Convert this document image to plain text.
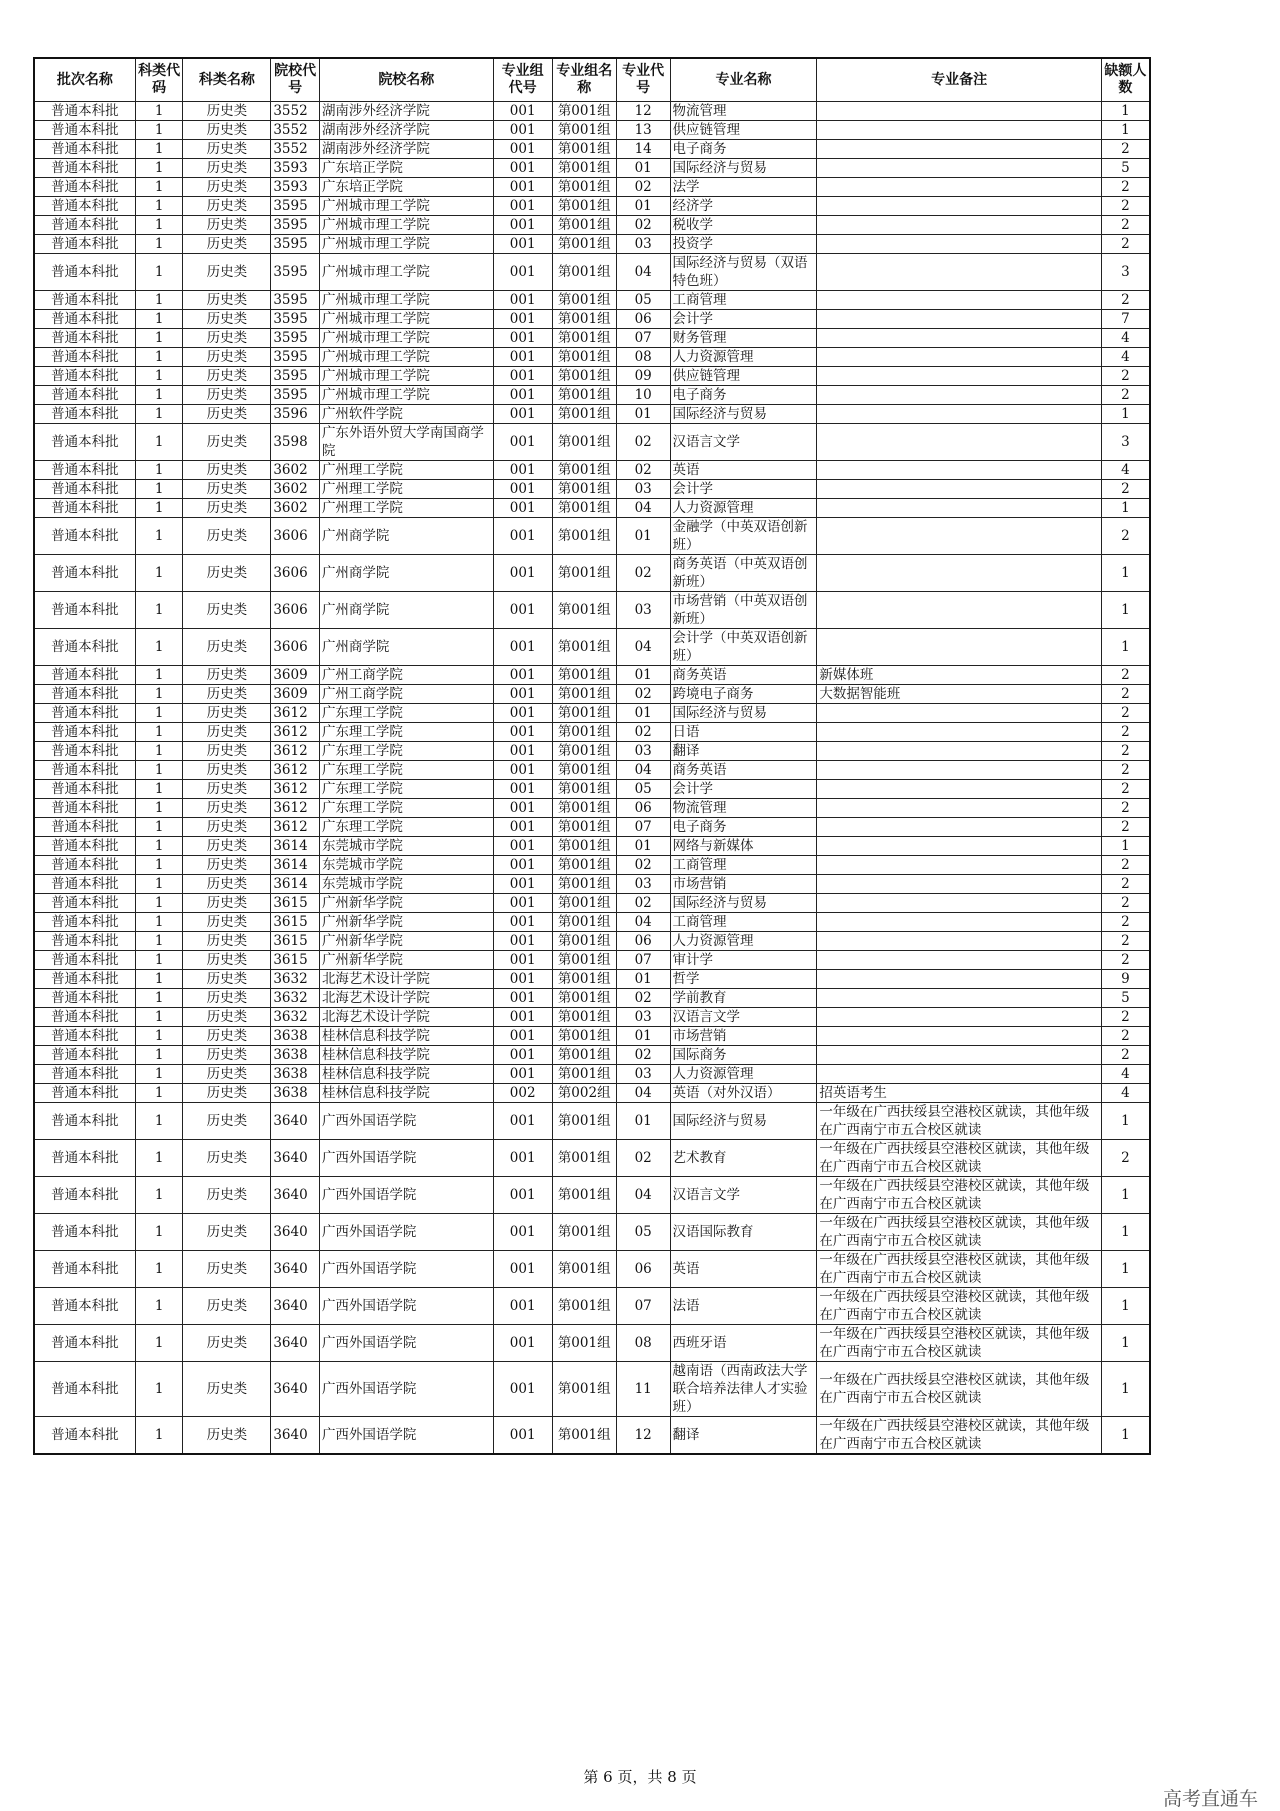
批次名称	科类代码	科类名称	院校代号	院校名称	专业组代号	专业组名称	专业代号	专业名称	专业备注	缺额人数
普通本科批	1	历史类	3552	湖南涉外经济学院	001	第001组	12	物流管理		1
普通本科批	1	历史类	3552	湖南涉外经济学院	001	第001组	13	供应链管理		1
普通本科批	1	历史类	3552	湖南涉外经济学院	001	第001组	14	电子商务		2
普通本科批	1	历史类	3593	广东培正学院	001	第001组	01	国际经济与贸易		5
普通本科批	1	历史类	3593	广东培正学院	001	第001组	02	法学		2
普通本科批	1	历史类	3595	广州城市理工学院	001	第001组	01	经济学		2
普通本科批	1	历史类	3595	广州城市理工学院	001	第001组	02	税收学		2
普通本科批	1	历史类	3595	广州城市理工学院	001	第001组	03	投资学		2
普通本科批	1	历史类	3595	广州城市理工学院	001	第001组	04	国际经济与贸易（双语特色班）		3
普通本科批	1	历史类	3595	广州城市理工学院	001	第001组	05	工商管理		2
普通本科批	1	历史类	3595	广州城市理工学院	001	第001组	06	会计学		7
普通本科批	1	历史类	3595	广州城市理工学院	001	第001组	07	财务管理		4
普通本科批	1	历史类	3595	广州城市理工学院	001	第001组	08	人力资源管理		4
普通本科批	1	历史类	3595	广州城市理工学院	001	第001组	09	供应链管理		2
普通本科批	1	历史类	3595	广州城市理工学院	001	第001组	10	电子商务		2
普通本科批	1	历史类	3596	广州软件学院	001	第001组	01	国际经济与贸易		1
普通本科批	1	历史类	3598	广东外语外贸大学南国商学院	001	第001组	02	汉语言文学		3
普通本科批	1	历史类	3602	广州理工学院	001	第001组	02	英语		4
普通本科批	1	历史类	3602	广州理工学院	001	第001组	03	会计学		2
普通本科批	1	历史类	3602	广州理工学院	001	第001组	04	人力资源管理		1
普通本科批	1	历史类	3606	广州商学院	001	第001组	01	金融学（中英双语创新班）		2
普通本科批	1	历史类	3606	广州商学院	001	第001组	02	商务英语（中英双语创新班）		1
普通本科批	1	历史类	3606	广州商学院	001	第001组	03	市场营销（中英双语创新班）		1
普通本科批	1	历史类	3606	广州商学院	001	第001组	04	会计学（中英双语创新班）		1
普通本科批	1	历史类	3609	广州工商学院	001	第001组	01	商务英语	新媒体班	2
普通本科批	1	历史类	3609	广州工商学院	001	第001组	02	跨境电子商务	大数据智能班	2
普通本科批	1	历史类	3612	广东理工学院	001	第001组	01	国际经济与贸易		2
普通本科批	1	历史类	3612	广东理工学院	001	第001组	02	日语		2
普通本科批	1	历史类	3612	广东理工学院	001	第001组	03	翻译		2
普通本科批	1	历史类	3612	广东理工学院	001	第001组	04	商务英语		2
普通本科批	1	历史类	3612	广东理工学院	001	第001组	05	会计学		2
普通本科批	1	历史类	3612	广东理工学院	001	第001组	06	物流管理		2
普通本科批	1	历史类	3612	广东理工学院	001	第001组	07	电子商务		2
普通本科批	1	历史类	3614	东莞城市学院	001	第001组	01	网络与新媒体		1
普通本科批	1	历史类	3614	东莞城市学院	001	第001组	02	工商管理		2
普通本科批	1	历史类	3614	东莞城市学院	001	第001组	03	市场营销		2
普通本科批	1	历史类	3615	广州新华学院	001	第001组	02	国际经济与贸易		2
普通本科批	1	历史类	3615	广州新华学院	001	第001组	04	工商管理		2
普通本科批	1	历史类	3615	广州新华学院	001	第001组	06	人力资源管理		2
普通本科批	1	历史类	3615	广州新华学院	001	第001组	07	审计学		2
普通本科批	1	历史类	3632	北海艺术设计学院	001	第001组	01	哲学		9
普通本科批	1	历史类	3632	北海艺术设计学院	001	第001组	02	学前教育		5
普通本科批	1	历史类	3632	北海艺术设计学院	001	第001组	03	汉语言文学		2
普通本科批	1	历史类	3638	桂林信息科技学院	001	第001组	01	市场营销		2
普通本科批	1	历史类	3638	桂林信息科技学院	001	第001组	02	国际商务		2
普通本科批	1	历史类	3638	桂林信息科技学院	001	第001组	03	人力资源管理		4
普通本科批	1	历史类	3638	桂林信息科技学院	002	第002组	04	英语（对外汉语）	招英语考生	4
普通本科批	1	历史类	3640	广西外国语学院	001	第001组	01	国际经济与贸易	一年级在广西扶绥县空港校区就读，其他年级在广西南宁市五合校区就读	1
普通本科批	1	历史类	3640	广西外国语学院	001	第001组	02	艺术教育	一年级在广西扶绥县空港校区就读，其他年级在广西南宁市五合校区就读	2
普通本科批	1	历史类	3640	广西外国语学院	001	第001组	04	汉语言文学	一年级在广西扶绥县空港校区就读，其他年级在广西南宁市五合校区就读	1
普通本科批	1	历史类	3640	广西外国语学院	001	第001组	05	汉语国际教育	一年级在广西扶绥县空港校区就读，其他年级在广西南宁市五合校区就读	1
普通本科批	1	历史类	3640	广西外国语学院	001	第001组	06	英语	一年级在广西扶绥县空港校区就读，其他年级在广西南宁市五合校区就读	1
普通本科批	1	历史类	3640	广西外国语学院	001	第001组	07	法语	一年级在广西扶绥县空港校区就读，其他年级在广西南宁市五合校区就读	1
普通本科批	1	历史类	3640	广西外国语学院	001	第001组	08	西班牙语	一年级在广西扶绥县空港校区就读，其他年级在广西南宁市五合校区就读	1
普通本科批	1	历史类	3640	广西外国语学院	001	第001组	11	越南语（西南政法大学联合培养法律人才实验班）	一年级在广西扶绥县空港校区就读，其他年级在广西南宁市五合校区就读	1
普通本科批	1	历史类	3640	广西外国语学院	001	第001组	12	翻译	一年级在广西扶绥县空港校区就读，其他年级在广西南宁市五合校区就读	1
第 6 页，共 8 页
高考直通车
